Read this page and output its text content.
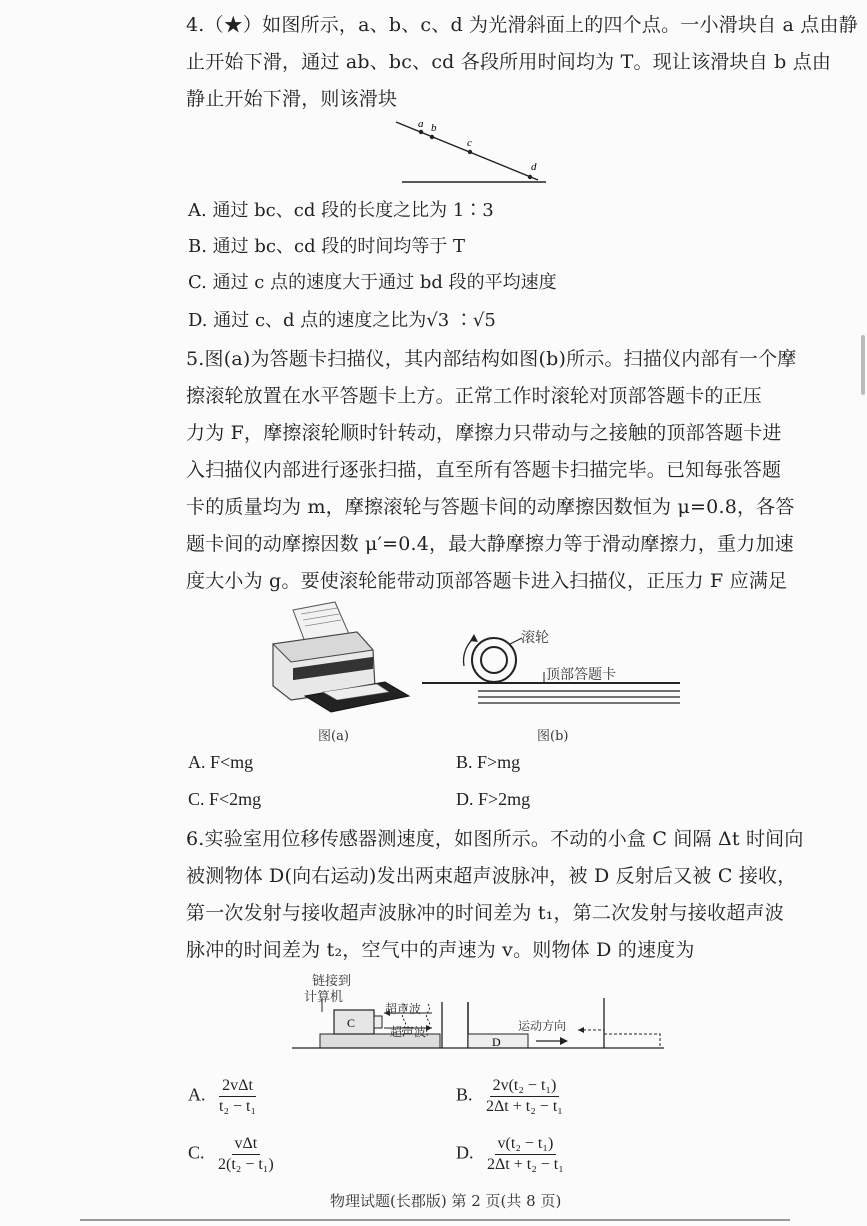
4.（★）如图所示，a、b、c、d 为光滑斜面上的四个点。一小滑块自 a 点由静
止开始下滑，通过 ab、bc、cd 各段所用时间均为 T。现让该滑块自 b 点由
静止开始下滑，则该滑块
a b
c
d
A. 通过 bc、cd 段的长度之比为 1∶3
B. 通过 bc、cd 段的时间均等于 T
C. 通过 c 点的速度大于通过 bd 段的平均速度
D. 通过 c、d 点的速度之比为√3 ∶√5
5.图(a)为答题卡扫描仪，其内部结构如图(b)所示。扫描仪内部有一个摩
擦滚轮放置在水平答题卡上方。正常工作时滚轮对顶部答题卡的正压
力为 F，摩擦滚轮顺时针转动，摩擦力只带动与之接触的顶部答题卡进
入扫描仪内部进行逐张扫描，直至所有答题卡扫描完毕。已知每张答题
卡的质量均为 m，摩擦滚轮与答题卡间的动摩擦因数恒为 μ=0.8，各答
题卡间的动摩擦因数 μ′=0.4，最大静摩擦力等于滑动摩擦力，重力加速
度大小为 g。要使滚轮能带动顶部答题卡进入扫描仪，正压力 F 应满足
图(a)
滚轮
顶部答题卡
图(b)
A. F<mg	B. F>mg
C. F<2mg	D. F>2mg
6.实验室用位移传感器测速度，如图所示。不动的小盒 C 间隔 Δt 时间向
被测物体 D(向右运动)发出两束超声波脉冲，被 D 反射后又被 C 接收，
第一次发射与接收超声波脉冲的时间差为 t₁，第二次发射与接收超声波
脉冲的时间差为 t₂，空气中的声速为 v。则物体 D 的速度为
C
D
链接到
计算机
超声波
超声波	运动方向
A. $\frac{\text{2vΔt}}{\text{t₂ − t₁}}$	B. $\frac{\text{2v(t₂ − t₁)}}{\text{2Δt + t₂ − t₁}}$
C. $\frac{\text{vΔt}}{\text{2(t₂ − t₁)}}$	D. $\frac{\text{v(t₂ − t₁)}}{\text{2Δt + t₂ − t₁}}$
物理试题(长郡版) 第 2 页(共 8 页)
